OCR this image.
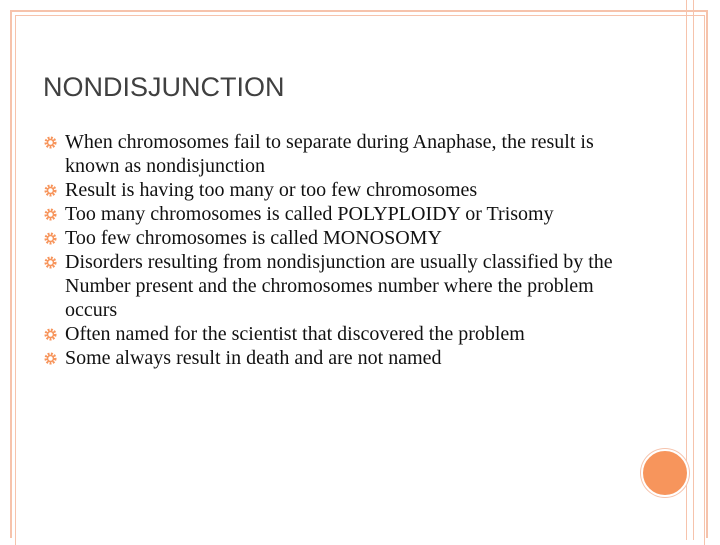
NONDISJUNCTION
When chromosomes fail to separate during Anaphase, the result is known as nondisjunction
Result is having too many or too few chromosomes
Too many chromosomes is called POLYPLOIDY or Trisomy
Too few chromosomes is called MONOSOMY
Disorders resulting from nondisjunction are usually classified by the Number present and the chromosomes number where the problem occurs
Often named for the scientist that discovered the problem
Some always result in death and are not named
